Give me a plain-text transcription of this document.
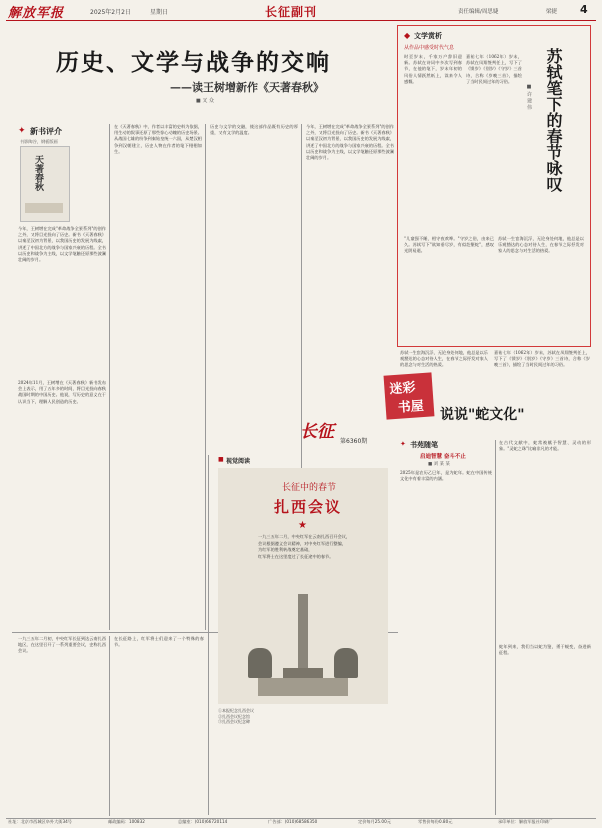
解放军报	2025年2月2日	星期日	长征副刊	责任编辑/周思婕	梁捷 4
历史、文学与战争的交响
——读王树增新作《天著春秋》
■ 叉 众
✦ 新书评介
书影陶谷，钢板版画
天著春秋
今年，王树增在完成"革命战争全景系列"的创作之外，又将目光投向了历史。新书《天著春秋》以秦至汉初为背景，以我国历史的发展为线索，讲述了中国北方的战争与国家兴衰的历程。全书以历史和战争为主线，以文学笔触还原那些波澜壮阔的岁月。
2024年11月，王树增在《天著春秋》新书发布会上表示，用了五年多的时间，将目光投向春秋战国时期的中国历史。他说，写历史的意义在于认识当下，理解人民创造的历史。
在《天著春秋》中，作者以丰富的史料为依据，用生动的叙事还原了那些惊心动魄的历史场景。从战国七雄的纷争到秦始皇统一六国，从楚汉相争到汉朝建立，历史人物在作者的笔下栩栩如生。
历史与文学的交融，使这部作品既有历史的厚重，又有文学的温度。
今年，王树增在完成"革命战争全景系列"的创作之外，又将目光投向了历史。新书《天著春秋》以秦至汉初为背景，以我国历史的发展为线索，讲述了中国北方的战争与国家兴衰的历程。全书以历史和战争为主线，以文学笔触还原那些波澜壮阔的岁月。
◆ 文学赏析
从作品中感受时代气息	苏轼笔下的春节咏叹
■ 许 建 伟
时至岁末，千家万户辞旧迎新。苏轼在诗词中多次写到春节，在他的笔下，岁末年初的风俗人情跃然纸上，读来令人感慨。
嘉祐七年（1062年）岁末，苏轼在凤翔签判任上，写下了《馈岁》《别岁》《守岁》三首诗，合称《岁晚三首》，描绘了当时民间过年的习俗。
"儿童强不睡，相守夜欢哗。"守岁之俗，由来已久。苏轼写下"欲知垂尽岁，有似赴壑蛇"，感叹光阴易逝。
苏轼一生宦海沉浮，无论身处何地，他总是以乐观豁达的心态对待人生，在春节之际抒发对家人的思念与对生活的热爱。
苏轼一生宦海沉浮，无论身处何地，他总是以乐观豁达的心态对待人生，在春节之际抒发对家人的思念与对生活的热爱。
嘉祐七年（1062年）岁末，苏轼在凤翔签判任上，写下了《馈岁》《别岁》《守岁》三首诗，合称《岁晚三首》，描绘了当时民间过年的习俗。
迷彩
书屋
长征 第6360期
■ 视觉阅读
长征中的春节
扎西会议
★
一九三五年二月，中央红军在云南扎西召开会议，
会议根据遵义会议精神，对中央红军进行整编，
为红军的胜利转战奠定基础，
红军将士在这里度过了长征途中的春节。
①本报纪念扎西会议
②扎西会议纪念馆
③扎西会议纪念碑
一九三五年二月初，中央红军长征到达云南扎西地区，在这里召开了一系列重要会议，史称扎西会议。
在长征路上，红军将士们迎来了一个特殊的春节。
说说"蛇文化"
✦ 书苑随笔
启迪智慧 奋斗不止
■ 刘 某 某
2025年是农历乙巳年，是为蛇年。蛇在中国传统文化中有着丰富的内涵。
在古代文献中，蛇常被赋予智慧、灵动的形象。"灵蛇之珠"比喻非凡的才能。
蛇年到来，我们当以蛇为鉴，勇于蜕变，奋进新征程。
社址：北京市西城区阜外大街34号	邮政编码：100832	总编室：(010)66720114	广告部：(010)68586350	定价每月25.00元	零售价每份0.80元	承印单位：解放军报社印刷厂
